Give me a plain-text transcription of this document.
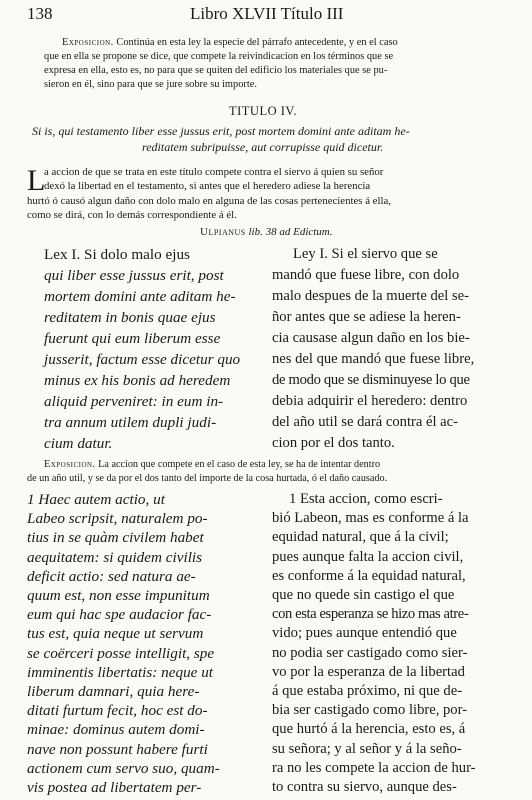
138	Libro XLVII Título III
Exposicion. Continúa en esta ley la especie del párrafo antecedente, y en el caso
que en ella se propone se dice, que compete la reivindicacion en los términos que se
expresa en ella, esto es, no para que se quiten del edificio los materiales que se pu-
sieron en él, sino para que se jure sobre su importe.
TITULO IV.
Si is, qui testamento liber esse jussus erit, post mortem domini ante aditam he-
reditatem subripuisse, aut corrupisse quid dicetur.
L
a accion de que se trata en este título compete contra el siervo á quien su señor
dexó la libertad en el testamento, si antes que el heredero adiese la herencia
hurtó ó causó algun daño con dolo malo en alguna de las cosas pertenecientes á ella,
como se dirá, con lo demás correspondiente á él.
Ulpianus lib. 38 ad Edictum.
Lex I. Si dolo malo ejus
qui liber esse jussus erit, post
mortem domini ante aditam he-
reditatem in bonis quae ejus
fuerunt qui eum liberum esse
jusserit, factum esse dicetur quo
minus ex his bonis ad heredem
aliquid perveniret: in eum in-
tra annum utilem dupli judi-
cium datur.
Ley I. Si el siervo que se
mandó que fuese libre, con dolo
malo despues de la muerte del se-
ñor antes que se adiese la heren-
cia causase algun daño en los bie-
nes del que mandó que fuese libre,
de modo que se disminuyese lo que
debia adquirir el heredero: dentro
del año util se dará contra él ac-
cion por el dos tanto.
Exposicion. La accion que compete en el caso de esta ley, se ha de intentar dentro
de un año util, y se da por el dos tanto del importe de la cosa hurtada, ó el daño causado.
1 Haec autem actio, ut
Labeo scripsit, naturalem po-
tius in se quàm civilem habet
aequitatem: si quidem civilis
deficit actio: sed natura ae-
quum est, non esse impunitum
eum qui hac spe audacior fac-
tus est, quia neque ut servum
se coërceri posse intelligit, spe
imminentis libertatis: neque ut
liberum damnari, quia here-
ditati furtum fecit, hoc est do-
minae: dominus autem domi-
nave non possunt habere furti
actionem cum servo suo, quam-
vis postea ad libertatem per-
1 Esta accion, como escri-
bió Labeon, mas es conforme á la
equidad natural, que á la civil;
pues aunque falta la accion civil,
es conforme á la equidad natural,
que no quede sin castigo el que
con esta esperanza se hizo mas atre-
vido; pues aunque entendió que
no podia ser castigado como sier-
vo por la esperanza de la libertad
á que estaba próximo, ni que de-
bia ser castigado como libre, por-
que hurtó á la herencia, esto es, á
su señora; y al señor y á la seño-
ra no les compete la accion de hur-
to contra su siervo, aunque des-
